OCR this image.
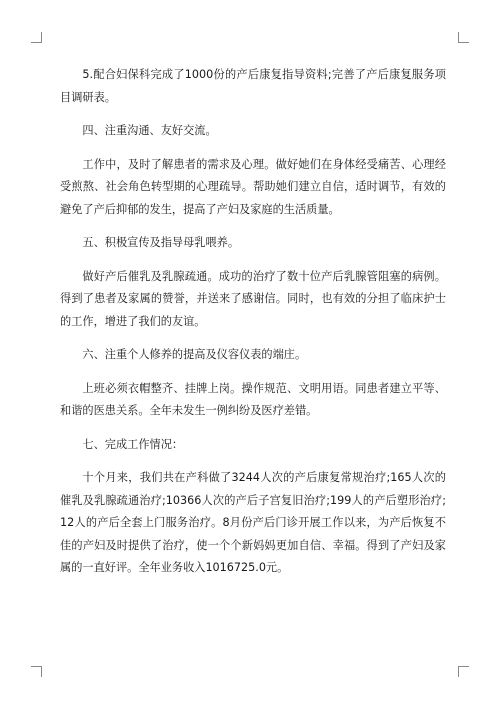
5.配合妇保科完成了1000份的产后康复指导资料;完善了产后康复服务项目调研表。

四、注重沟通、友好交流。

工作中，及时了解患者的需求及心理。做好她们在身体经受痛苦、心理经受煎熬、社会角色转型期的心理疏导。帮助她们建立自信，适时调节，有效的避免了产后抑郁的发生，提高了产妇及家庭的生活质量。

五、积极宣传及指导母乳喂养。

做好产后催乳及乳腺疏通。成功的治疗了数十位产后乳腺管阻塞的病例。得到了患者及家属的赞誉，并送来了感谢信。同时，也有效的分担了临床护士的工作，增进了我们的友谊。

六、注重个人修养的提高及仪容仪表的端庄。

上班必须衣帽整齐、挂牌上岗。操作规范、文明用语。同患者建立平等、和谐的医患关系。全年未发生一例纠纷及医疗差错。

七、完成工作情况：

十个月来，我们共在产科做了3244人次的产后康复常规治疗;165人次的催乳及乳腺疏通治疗;10366人次的产后子宫复旧治疗;199人的产后塑形治疗;12人的产后全套上门服务治疗。8月份产后门诊开展工作以来，为产后恢复不佳的产妇及时提供了治疗，使一个个新妈妈更加自信、幸福。得到了产妇及家属的一直好评。全年业务收入1016725.0元。
